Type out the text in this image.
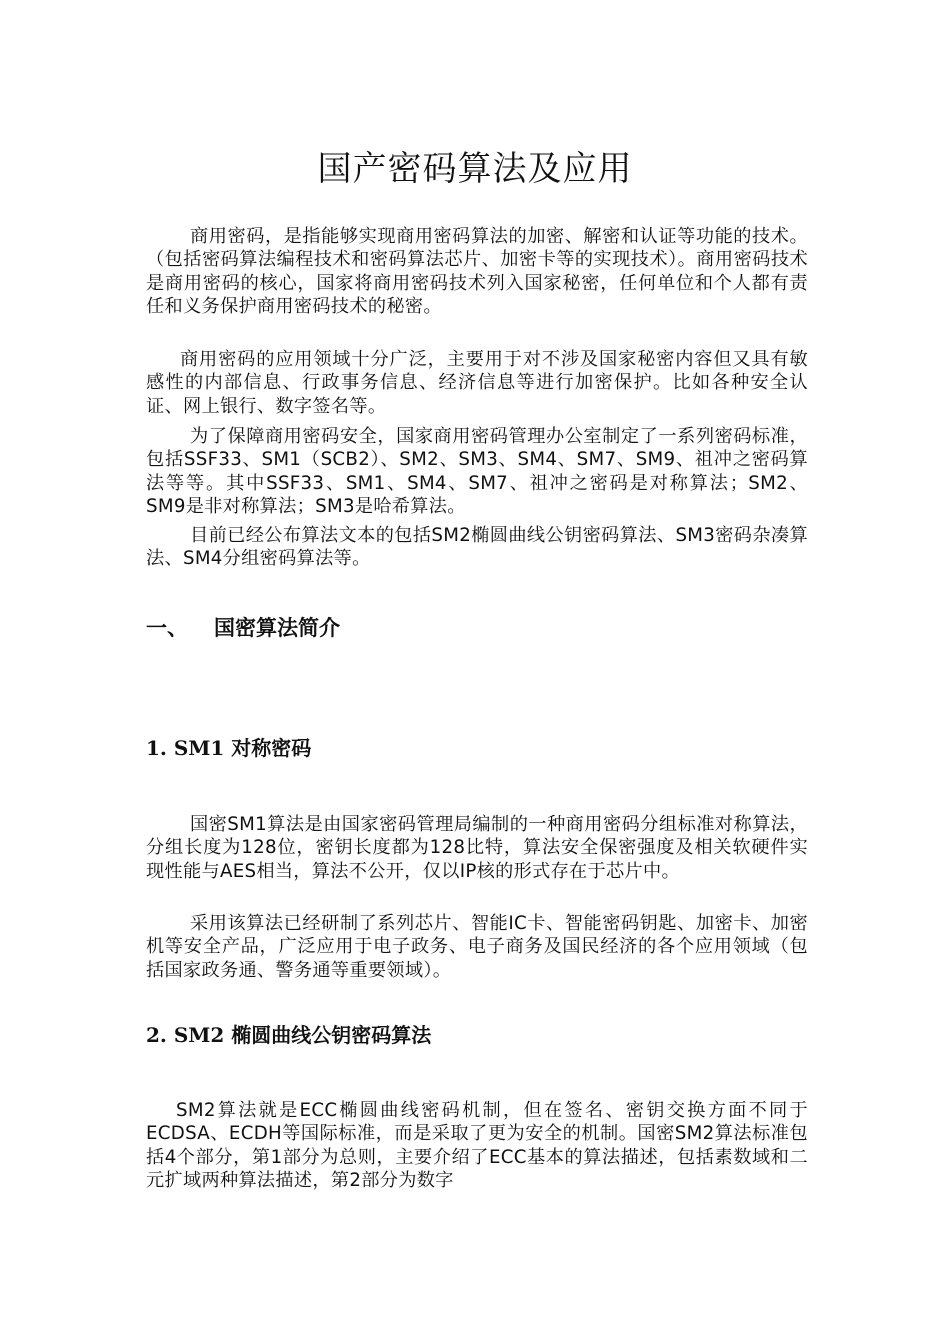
国产密码算法及应用

商用密码，是指能够实现商用密码算法的加密、解密和认证等功能的技术。（包括密码算法编程技术和密码算法芯片、加密卡等的实现技术）。商用密码技术是商用密码的核心，国家将商用密码技术列入国家秘密，任何单位和个人都有责任和义务保护商用密码技术的秘密。

商用密码的应用领域十分广泛，主要用于对不涉及国家秘密内容但又具有敏感性的内部信息、行政事务信息、经济信息等进行加密保护。比如各种安全认证、网上银行、数字签名等。

为了保障商用密码安全，国家商用密码管理办公室制定了一系列密码标准，包括SSF33、SM1（SCB2）、SM2、SM3、SM4、SM7、SM9、祖冲之密码算法等等。其中SSF33、SM1、SM4、SM7、祖冲之密码是对称算法；SM2、SM9是非对称算法；SM3是哈希算法。

目前已经公布算法文本的包括SM2椭圆曲线公钥密码算法、SM3密码杂凑算法、SM4分组密码算法等。

一、 国密算法简介
1. SM1 对称密码

国密SM1算法是由国家密码管理局编制的一种商用密码分组标准对称算法，分组长度为128位，密钥长度都为128比特，算法安全保密强度及相关软硬件实现性能与AES相当，算法不公开，仅以IP核的形式存在于芯片中。

采用该算法已经研制了系列芯片、智能IC卡、智能密码钥匙、加密卡、加密机等安全产品，广泛应用于电子政务、电子商务及国民经济的各个应用领域（包括国家政务通、警务通等重要领域）。

2. SM2 椭圆曲线公钥密码算法

SM2算法就是ECC椭圆曲线密码机制，但在签名、密钥交换方面不同于ECDSA、ECDH等国际标准，而是采取了更为安全的机制。国密SM2算法标准包括4个部分，第1部分为总则，主要介绍了ECC基本的算法描述，包括素数域和二元扩域两种算法描述，第2部分为数字
